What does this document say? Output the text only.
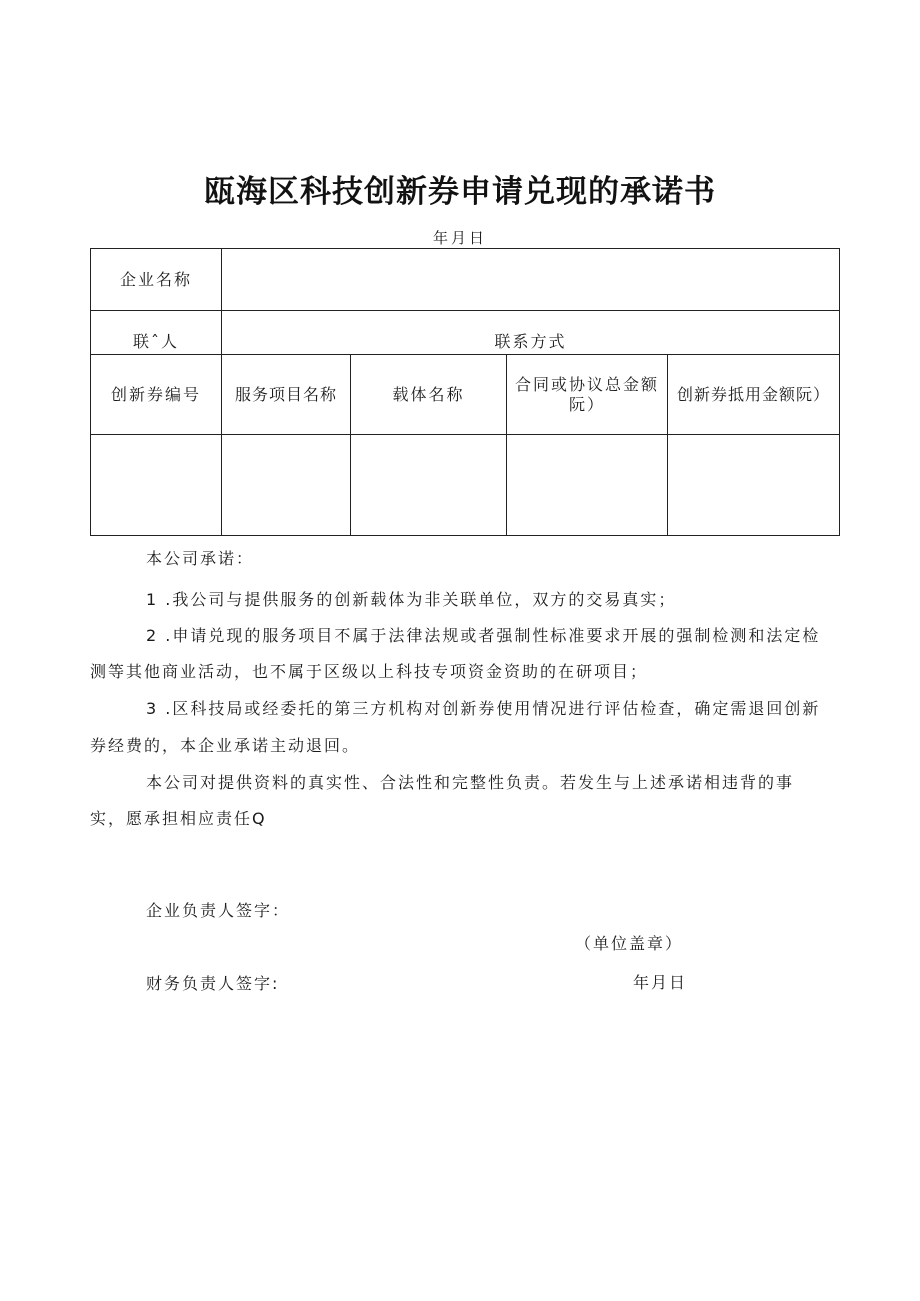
瓯海区科技创新券申请兑现的承诺书
年月日
企业名称				
联ˆ人	联系方式			
创新券编号	服务项目名称	载体名称	合同或协议总金额阮）	创新券抵用金额阮）

本公司承诺：
1 .我公司与提供服务的创新载体为非关联单位，双方的交易真实；
2 .申请兑现的服务项目不属于法律法规或者强制性标准要求开展的强制检测和法定检
测等其他商业活动，也不属于区级以上科技专项资金资助的在研项目；
3 .区科技局或经委托的第三方机构对创新券使用情况进行评估检查，确定需退回创新
券经费的，本企业承诺主动退回。
本公司对提供资料的真实性、合法性和完整性负责。若发生与上述承诺相违背的事
实，愿承担相应责任Q
企业负责人签字：
（单位盖章）
财务负责人签字:	年月日
